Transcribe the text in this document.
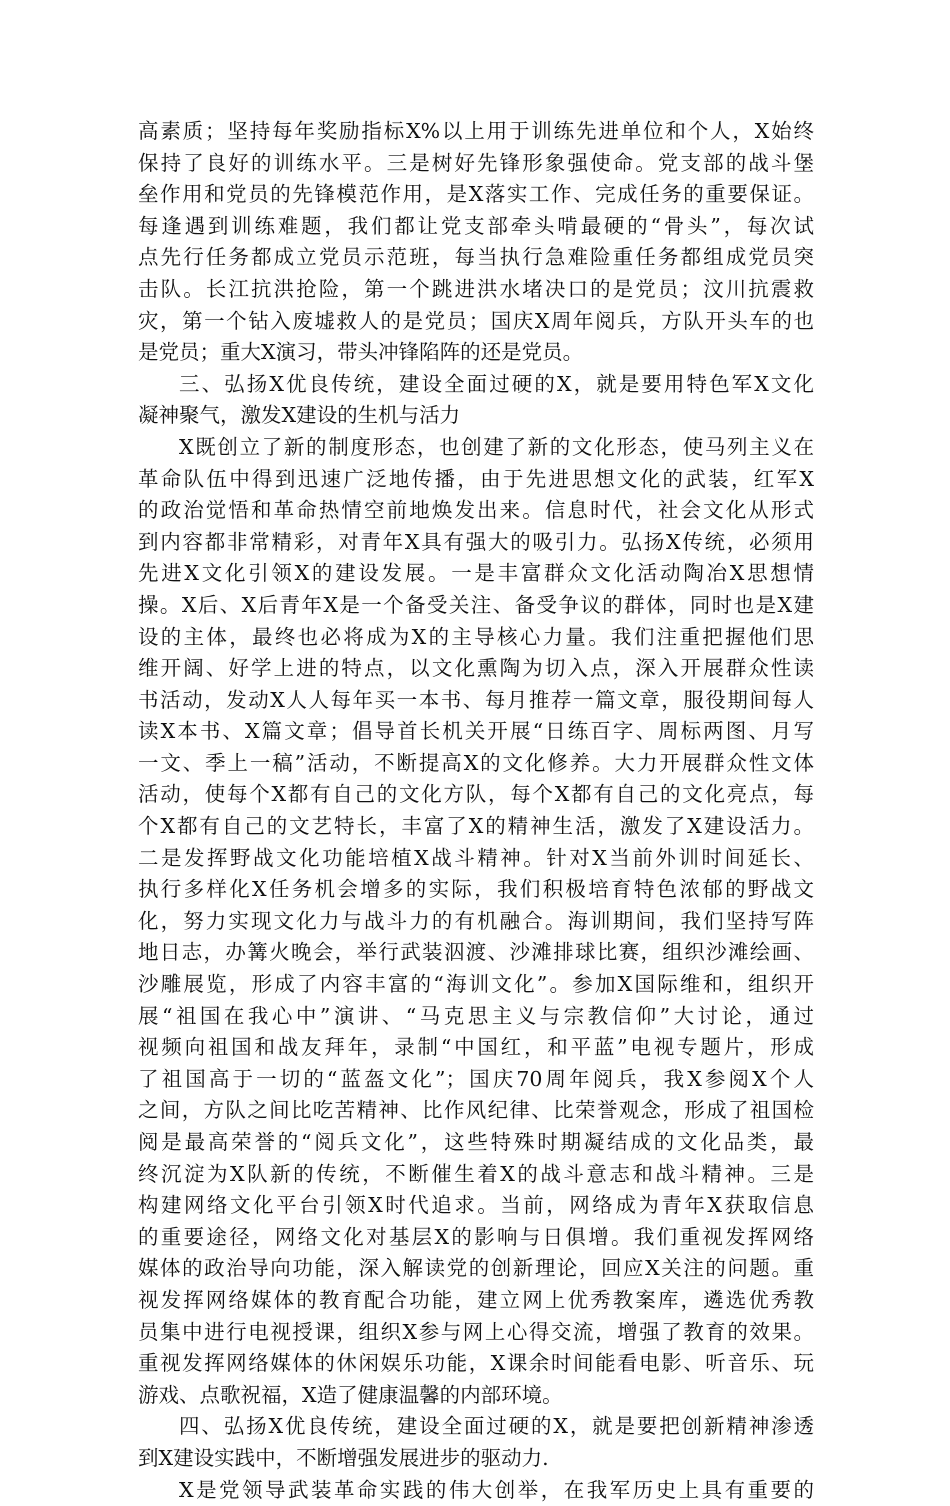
高素质；坚持每年奖励指标X%以上用于训练先进单位和个人，X始终
保持了良好的训练水平。三是树好先锋形象强使命。党支部的战斗堡
垒作用和党员的先锋模范作用，是X落实工作、完成任务的重要保证。
每逢遇到训练难题，我们都让党支部牵头啃最硬的“骨头”，每次试
点先行任务都成立党员示范班，每当执行急难险重任务都组成党员突
击队。长江抗洪抢险，第一个跳进洪水堵决口的是党员；汶川抗震救
灾，第一个钻入废墟救人的是党员；国庆X周年阅兵，方队开头车的也
是党员；重大X演习，带头冲锋陷阵的还是党员。
三、弘扬X优良传统，建设全面过硬的X，就是要用特色军X文化
凝神聚气，激发X建设的生机与活力
X既创立了新的制度形态，也创建了新的文化形态，使马列主义在
革命队伍中得到迅速广泛地传播，由于先进思想文化的武装，红军X
的政治觉悟和革命热情空前地焕发出来。信息时代，社会文化从形式
到内容都非常精彩，对青年X具有强大的吸引力。弘扬X传统，必须用
先进X文化引领X的建设发展。一是丰富群众文化活动陶冶X思想情
操。X后、X后青年X是一个备受关注、备受争议的群体，同时也是X建
设的主体，最终也必将成为X的主导核心力量。我们注重把握他们思
维开阔、好学上进的特点，以文化熏陶为切入点，深入开展群众性读
书活动，发动X人人每年买一本书、每月推荐一篇文章，服役期间每人
读X本书、X篇文章；倡导首长机关开展“日练百字、周标两图、月写
一文、季上一稿”活动，不断提高X的文化修养。大力开展群众性文体
活动，使每个X都有自己的文化方队，每个X都有自己的文化亮点，每
个X都有自己的文艺特长，丰富了X的精神生活，激发了X建设活力。
二是发挥野战文化功能培植X战斗精神。针对X当前外训时间延长、
执行多样化X任务机会增多的实际，我们积极培育特色浓郁的野战文
化，努力实现文化力与战斗力的有机融合。海训期间，我们坚持写阵
地日志，办篝火晚会，举行武装泅渡、沙滩排球比赛，组织沙滩绘画、
沙雕展览，形成了内容丰富的“海训文化”。参加X国际维和，组织开
展“祖国在我心中”演讲、“马克思主义与宗教信仰”大讨论，通过
视频向祖国和战友拜年，录制“中国红，和平蓝”电视专题片，形成
了祖国高于一切的“蓝盔文化”；国庆70周年阅兵，我X参阅X个人
之间，方队之间比吃苦精神、比作风纪律、比荣誉观念，形成了祖国检
阅是最高荣誉的“阅兵文化”，这些特殊时期凝结成的文化品类，最
终沉淀为X队新的传统，不断催生着X的战斗意志和战斗精神。三是
构建网络文化平台引领X时代追求。当前，网络成为青年X获取信息
的重要途径，网络文化对基层X的影响与日俱增。我们重视发挥网络
媒体的政治导向功能，深入解读党的创新理论，回应X关注的问题。重
视发挥网络媒体的教育配合功能，建立网上优秀教案库，遴选优秀教
员集中进行电视授课，组织X参与网上心得交流，增强了教育的效果。
重视发挥网络媒体的休闲娱乐功能，X课余时间能看电影、听音乐、玩
游戏、点歌祝福，X造了健康温馨的内部环境。
四、弘扬X优良传统，建设全面过硬的X，就是要把创新精神渗透
到X建设实践中，不断增强发展进步的驱动力.
X是党领导武装革命实践的伟大创举，在我军历史上具有重要的
